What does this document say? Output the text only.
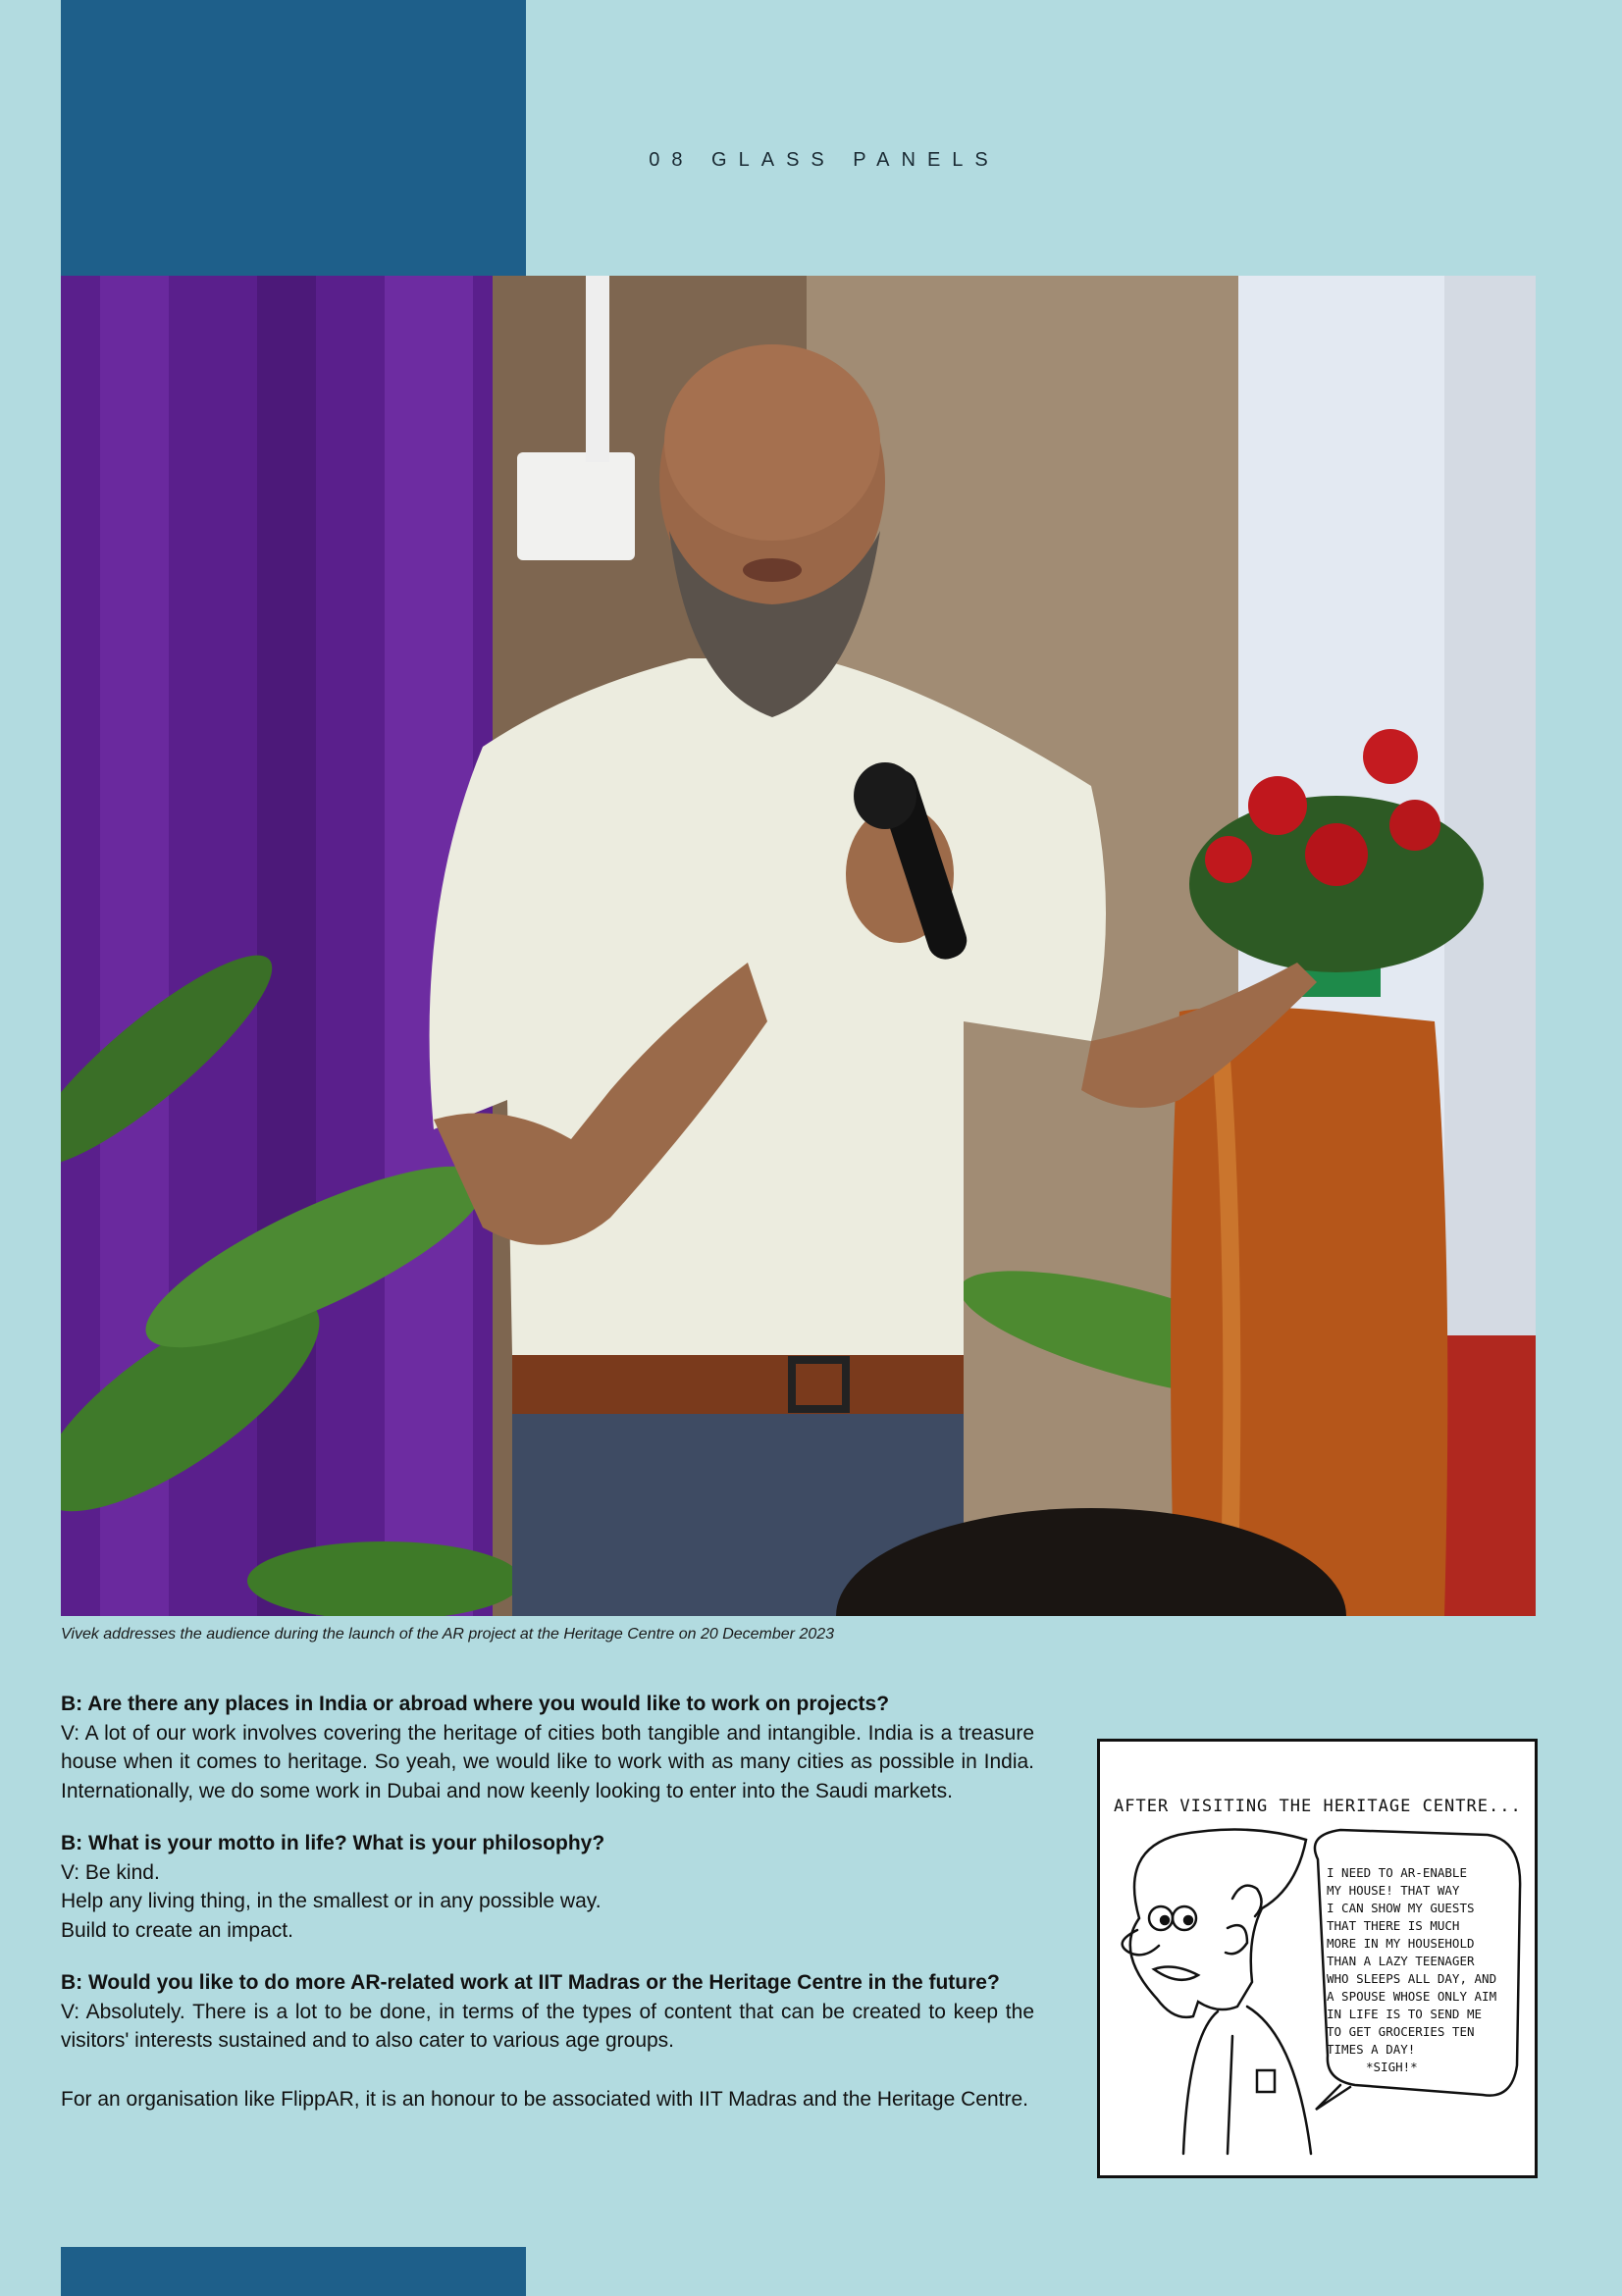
08 GLASS PANELS
Vivek addresses the audience during the launch of the AR project at the Heritage Centre on 20 December 2023

B: Are there any places in India or abroad where you would like to work on projects?
V: A lot of our work involves covering the heritage of cities both tangible and intangible. India is a treasure house when it comes to heritage. So yeah, we would like to work with as many cities as possible in India. Internationally, we do some work in Dubai and now keenly looking to enter into the Saudi markets.

B: What is your motto in life? What is your philosophy?
V: Be kind.
Help any living thing, in the smallest or in any possible way.
Build to create an impact.

B: Would you like to do more AR-related work at IIT Madras or the Heritage Centre in the future?
V: Absolutely. There is a lot to be done, in terms of the types of content that can be created to keep the visitors' interests sustained and to also cater to various age groups.

For an organisation like FlippAR, it is an honour to be associated with IIT Madras and the Heritage Centre.

AFTER VISITING THE HERITAGE CENTRE...
I NEED TO AR-ENABLE
MY HOUSE! THAT WAY
I CAN SHOW MY GUESTS
THAT THERE IS MUCH
MORE IN MY HOUSEHOLD
THAN A LAZY TEENAGER
WHO SLEEPS ALL DAY, AND
A SPOUSE WHOSE ONLY AIM
IN LIFE IS TO SEND ME
TO GET GROCERIES TEN
TIMES A DAY!
*SIGH!*
